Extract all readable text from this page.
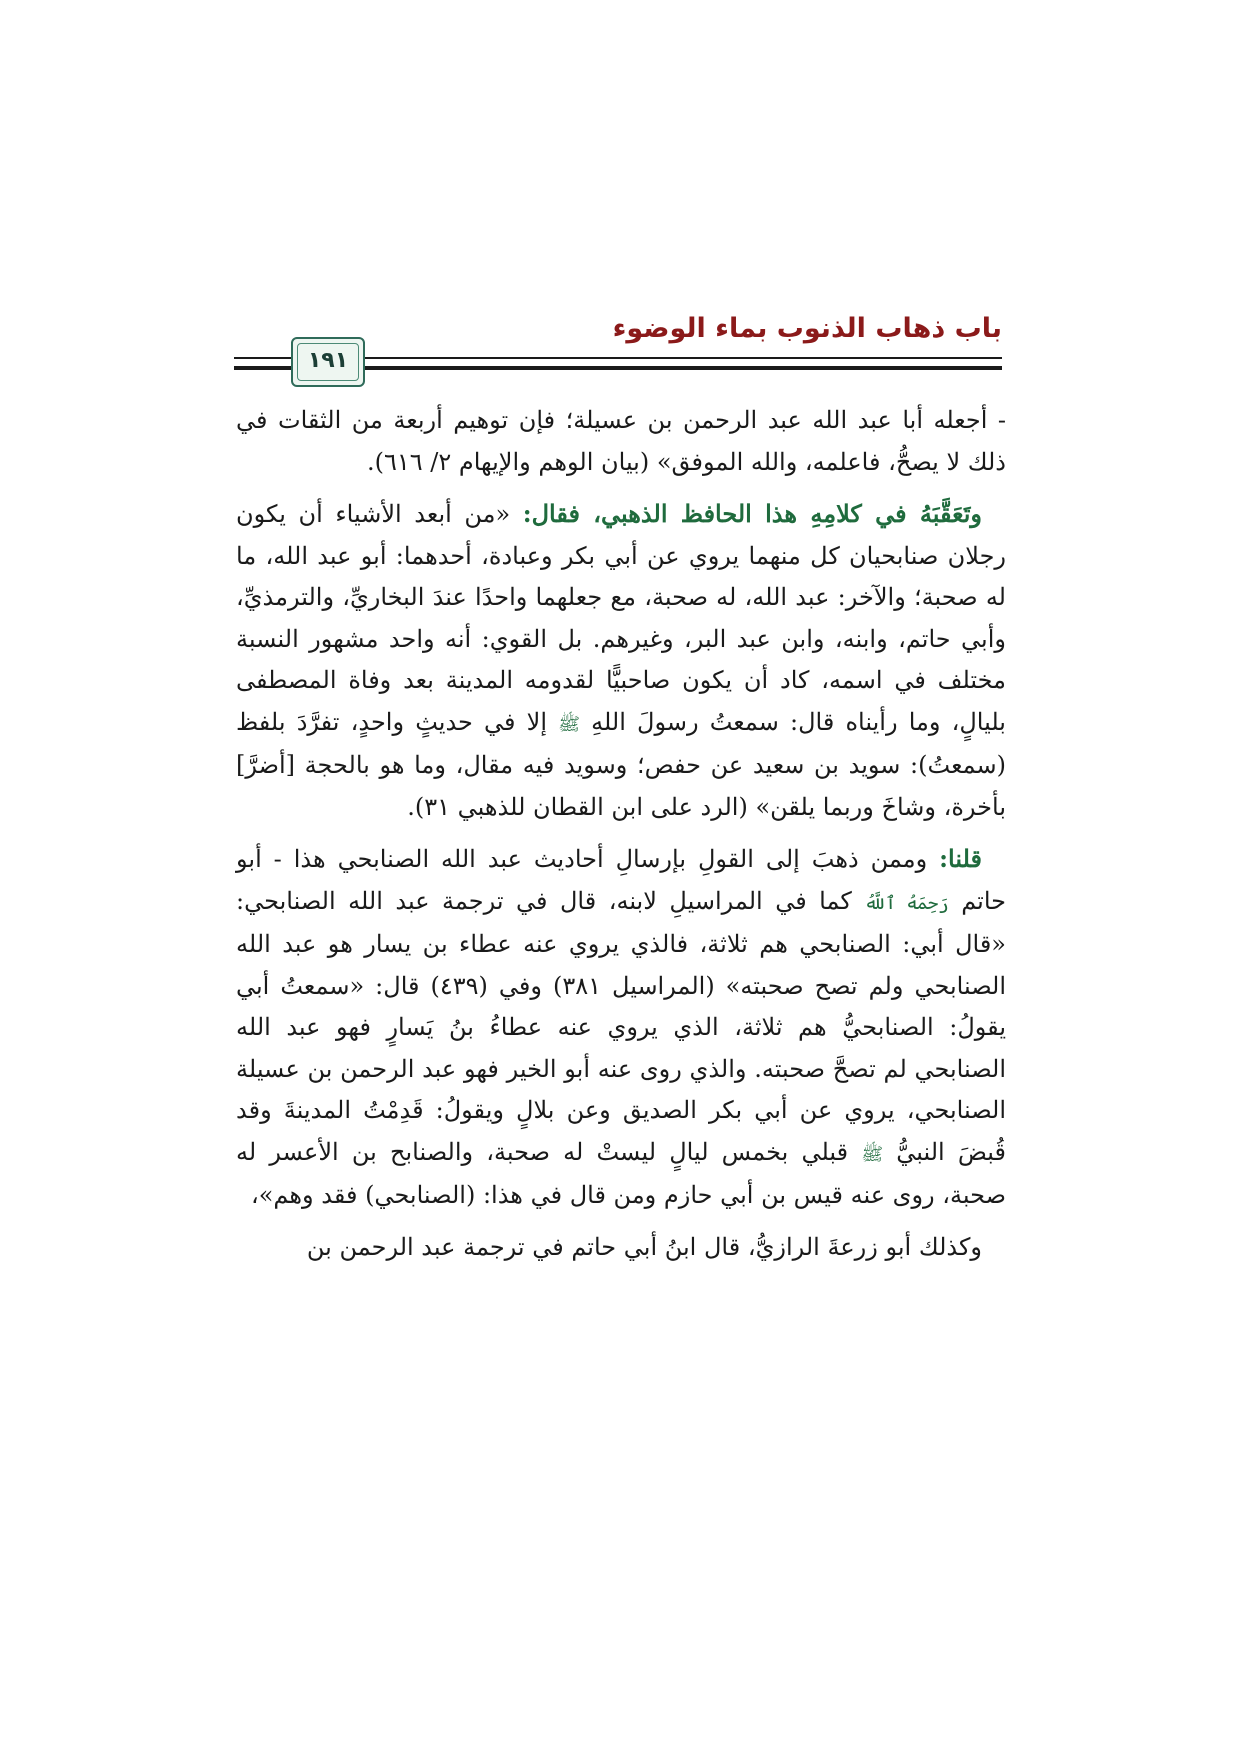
باب ذهاب الذنوب بماء الوضوء
١٩١

- أجعله أبا عبد الله عبد الرحمن بن عسيلة؛ فإن توهيم أربعة من الثقات في ذلك لا يصحُّ، فاعلمه، والله الموفق» (بيان الوهم والإيهام ٢/ ٦١٦).

وتَعَقَّبَهُ في كلامِهِ هذا الحافظ الذهبي، فقال: «من أبعد الأشياء أن يكون رجلان صنابحيان كل منهما يروي عن أبي بكر وعبادة، أحدهما: أبو عبد الله، ما له صحبة؛ والآخر: عبد الله، له صحبة، مع جعلهما واحدًا عندَ البخاريِّ، والترمذيِّ، وأبي حاتم، وابنه، وابن عبد البر، وغيرهم. بل القوي: أنه واحد مشهور النسبة مختلف في اسمه، كاد أن يكون صاحبيًّا لقدومه المدينة بعد وفاة المصطفى بليالٍ، وما رأيناه قال: سمعتُ رسولَ اللهِ ﷺ إلا في حديثٍ واحدٍ، تفرَّدَ بلفظ (سمعتُ): سويد بن سعيد عن حفص؛ وسويد فيه مقال، وما هو بالحجة [أضرَّ] بأخرة، وشاخَ وربما يلقن» (الرد على ابن القطان للذهبي ٣١).

قلنا: وممن ذهبَ إلى القولِ بإرسالِ أحاديث عبد الله الصنابحي هذا - أبو حاتم رَحِمَهُ ٱللَّهُ كما في المراسيلِ لابنه، قال في ترجمة عبد الله الصنابحي: «قال أبي: الصنابحي هم ثلاثة، فالذي يروي عنه عطاء بن يسار هو عبد الله الصنابحي ولم تصح صحبته» (المراسيل ٣٨١) وفي (٤٣٩) قال: «سمعتُ أبي يقولُ: الصنابحيُّ هم ثلاثة، الذي يروي عنه عطاءُ بنُ يَسارٍ فهو عبد الله الصنابحي لم تصحَّ صحبته. والذي روى عنه أبو الخير فهو عبد الرحمن بن عسيلة الصنابحي، يروي عن أبي بكر الصديق وعن بلالٍ ويقولُ: قَدِمْتُ المدينةَ وقد قُبضَ النبيُّ ﷺ قبلي بخمس ليالٍ ليستْ له صحبة، والصنابح بن الأعسر له صحبة، روى عنه قيس بن أبي حازم ومن قال في هذا: (الصنابحي) فقد وهم»،

وكذلك أبو زرعةَ الرازيُّ، قال ابنُ أبي حاتم في ترجمة عبد الرحمن بن
